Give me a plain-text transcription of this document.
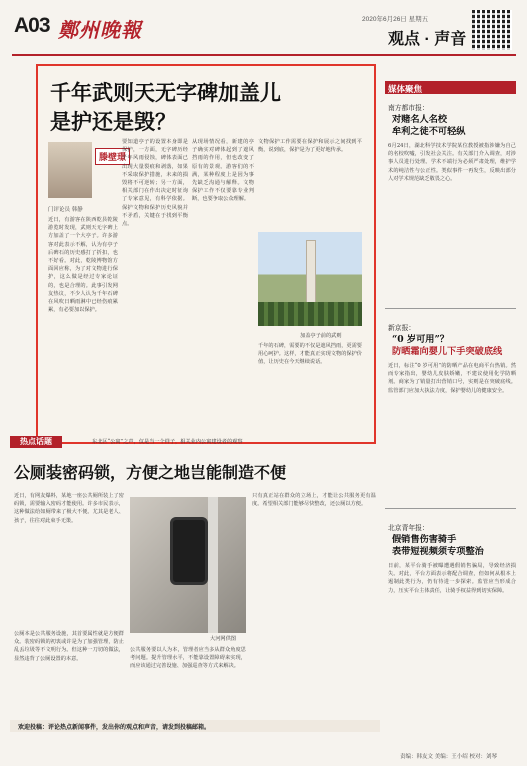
A03 鄭州晚報	2020年6月26日 星期五
观点 · 声音
千年武则天无字碑加盖儿
是护还是毁？
滕壁璟
门评论员 韩静
近日，有游客在陕西乾县乾陵游览时发现，武则天无字碑上方加盖了一个大亭子。许多游客对此表示不解，认为有亭子后碑石的历史感打了折扣，也不好看。对此，乾陵博物馆方面回应称，为了对文物进行保护，这么做是经过专家论证的，也是合理的。此事引发网友热议，不少人认为千年石碑在风吹日晒雨淋中已经伤痕累累，有必要加以保护。
要知道亭子的设置本身即是保护，一方面，无字碑历经千年风雨侵蚀，碑体表面已出现大量裂痕和剥落，如果不采取保护措施，未来的损毁将不可逆转；另一方面，相关部门在作出决定时征询了专家意见，有科学依据。保护文物和保护历史风貌并不矛盾，关键在于找到平衡点。
从现场情况看，新建的亭子确实对碑体起到了遮风挡雨的作用，但也改变了原有的景观。游客们的不满，某种程度上是因为事先缺乏沟通与解释。文物保护工作不仅要靠专业判断，也要争取公众理解。
文物保护工作需要在保护和展示之间找到平衡，说到底，保护是为了更好地传承。
加盖亭子前的武则
千年的石碑，需要的不仅是遮风挡雨，更需要用心呵护。这样，才能真正实现文物的保护价值，让历史在今天继续说话。
热点话题	东北区“公寓”之声，仅是当一个样子，相关业内公寓建设者的观察
公厕装密码锁，方便之地岂能制造不便
近日，有网友爆料，某地一座公共厕所装上了密码锁，需要输入密码才能使用。许多市民表示，这种做法给如厕带来了极大不便。尤其是老人、孩子，往往对此束手无策。
公厕本是公共服务设施，其首要属性就是方便群众。装密码锁的初衷或许是为了加强管理，防止乱丢垃圾等不文明行为。但这种一刀切的做法，显然违背了公厕设置的本意。
大河网供图
公共服务要以人为本，管理者应当多从群众角度思考问题。提升管理水平，不能靠设置障碍来实现，而应该通过完善设施、加强巡查等方式来解决。
只有真正站在群众的立场上，才能让公共服务更有温度。希望相关部门能够尽快整改，还公厕以方便。
媒体聚焦
南方都市报：
对赌名人名校
牟利之徒不可轻纵
6月24日，湖北科学技术学院某位教授被指涉嫌为自己的名校吹嘘，引发社会关注。有关部门介入调查，对涉事人员进行处理。学术不端行为必须严肃处理，维护学术的纯洁性与公正性。类似事件一再发生，反映出部分人对学术规范缺乏敬畏之心。
新京报：
“0 岁可用”？
防晒霜向婴儿下手突破底线
近日，标注“0 岁可用”的防晒产品在电商平台热销。然而专家指出，婴幼儿皮肤娇嫩，不建议使用化学防晒剂。商家为了销量打出营销口号，实则是在突破底线。监管部门应加大执法力度，保护婴幼儿的健康安全。
北京青年报：
假销售伤害骑手
表带短视频须专项整治
日前，某平台骑手被曝遭遇假销售骗局，导致经济损失。对此，平台方面表示将配合调查，但如何从根本上遏制此类行为，仍有待进一步探索。监管应当形成合力，压实平台主体责任，让骑手权益得到切实保障。
欢迎投稿：评论热点新闻事件，发出你的观点和声音，请发到投稿邮箱。
责编：韩友文 美编：王小绍 校对：刘琴
